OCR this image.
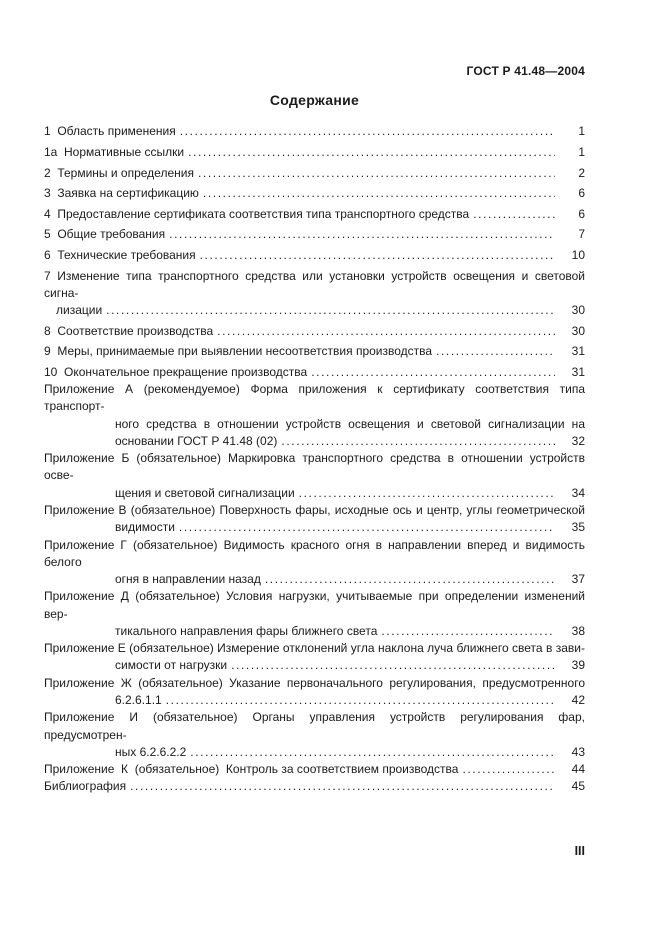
ГОСТ Р 41.48—2004
Содержание
1  Область применения .....	1
1а  Нормативные ссылки .....	1
2  Термины и определения .....	2
3  Заявка на сертификацию .....	6
4  Предоставление сертификата соответствия типа транспортного средства .....	6
5  Общие требования .....	7
6  Технические требования .....	10
7 Изменение типа транспортного средства или установки устройств освещения и световой сигна-
лизации .....	30
8  Соответствие производства .....	30
9  Меры, принимаемые при выявлении несоответствия производства .....	31
10  Окончательное прекращение производства .....	31
Приложение А (рекомендуемое) Форма приложения к сертификату соответствия типа транспорт-
ного средства в отношении устройств освещения и световой сигнализации на
основании ГОСТ Р 41.48 (02) .....	32
Приложение Б (обязательное) Маркировка транспортного средства в отношении устройств осве-
щения и световой сигнализации .....	34
Приложение В (обязательное) Поверхность фары, исходные ось и центр, углы геометрической
видимости .....	35
Приложение Г (обязательное) Видимость красного огня в направлении вперед и видимость белого
огня в направлении назад .....	37
Приложение Д (обязательное) Условия нагрузки, учитываемые при определении изменений вер-
тикального направления фары ближнего света .....	38
Приложение Е (обязательное) Измерение отклонений угла наклона луча ближнего света в зави-
симости от нагрузки .....	39
Приложение Ж (обязательное) Указание первоначального регулирования, предусмотренного
6.2.6.1.1 .....	42
Приложение И (обязательное) Органы управления устройств регулирования фар, предусмотрен-
ных 6.2.6.2.2 .....	43
Приложение  К  (обязательное)  Контроль за соответствием производства .....	44
Библиография .....	45
III
